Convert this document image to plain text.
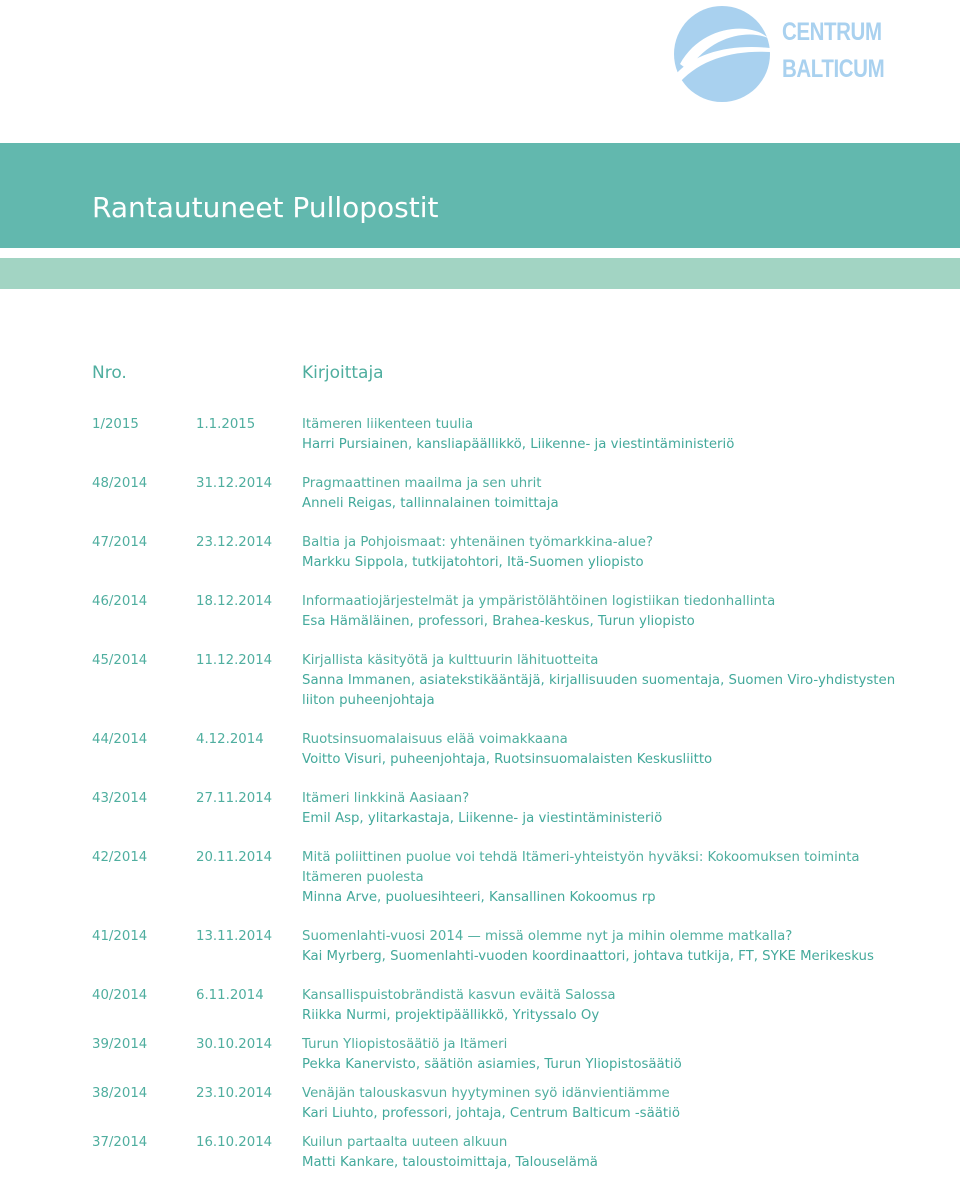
CENTRUM
BALTICUM
Rantautuneet Pullopostit
Nro.	Kirjoittaja
1/2015	1.1.2015	Itämeren liikenteen tuulia
Harri Pursiainen, kansliapäällikkö, Liikenne- ja viestintäministeriö
48/2014	31.12.2014 Pragmaattinen maailma ja sen uhrit
Anneli Reigas, tallinnalainen toimittaja
47/2014	23.12.2014 Baltia ja Pohjoismaat: yhtenäinen työmarkkina-alue?
Markku Sippola, tutkijatohtori, Itä-Suomen yliopisto
46/2014	18.12.2014 Informaatiojärjestelmät ja ympäristölähtöinen logistiikan tiedonhallinta
Esa Hämäläinen, professori, Brahea-keskus, Turun yliopisto
45/2014	11.12.2014 Kirjallista käsityötä ja kulttuurin lähituotteita
Sanna Immanen, asiatekstikääntäjä, kirjallisuuden suomentaja, Suomen Viro-yhdistysten liiton puheenjohtaja
44/2014	4.12.2014	Ruotsinsuomalaisuus elää voimakkaana
Voitto Visuri, puheenjohtaja, Ruotsinsuomalaisten Keskusliitto
43/2014	27.11.2014 Itämeri linkkinä Aasiaan?
Emil Asp, ylitarkastaja, Liikenne- ja viestintäministeriö
42/2014	20.11.2014 Mitä poliittinen puolue voi tehdä Itämeri-yhteistyön hyväksi: Kokoomuksen toiminta Itämeren puolesta
Minna Arve, puoluesihteeri, Kansallinen Kokoomus rp
41/2014	13.11.2014 Suomenlahti-vuosi 2014 — missä olemme nyt ja mihin olemme matkalla?
Kai Myrberg, Suomenlahti-vuoden koordinaattori, johtava tutkija, FT, SYKE Merikeskus
40/2014	6.11.2014	Kansallispuistobrändistä kasvun eväitä Salossa
Riikka Nurmi, projektipäällikkö, Yrityssalo Oy
39/2014	30.10.2014 Turun Yliopistosäätiö ja Itämeri
Pekka Kanervisto, säätiön asiamies, Turun Yliopistosäätiö
38/2014	23.10.2014 Venäjän talouskasvun hyytyminen syö idänvientiämme
Kari Liuhto, professori, johtaja, Centrum Balticum -säätiö
37/2014	16.10.2014 Kuilun partaalta uuteen alkuun
Matti Kankare, taloustoimittaja, Talouselämä
